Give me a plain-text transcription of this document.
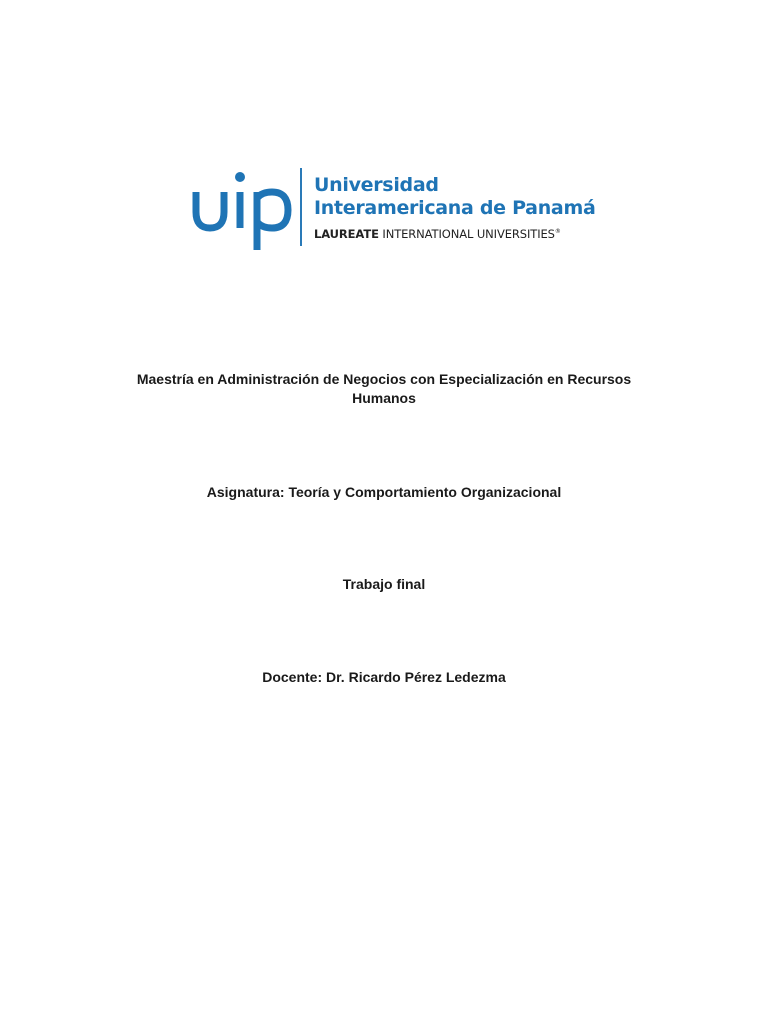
Universidad
Interamericana de Panamá
LAUREATE INTERNATIONAL UNIVERSITIES®
Maestría en Administración de Negocios con Especialización en Recursos
Humanos
Asignatura: Teoría y Comportamiento Organizacional
Trabajo final
Docente: Dr. Ricardo Pérez Ledezma
